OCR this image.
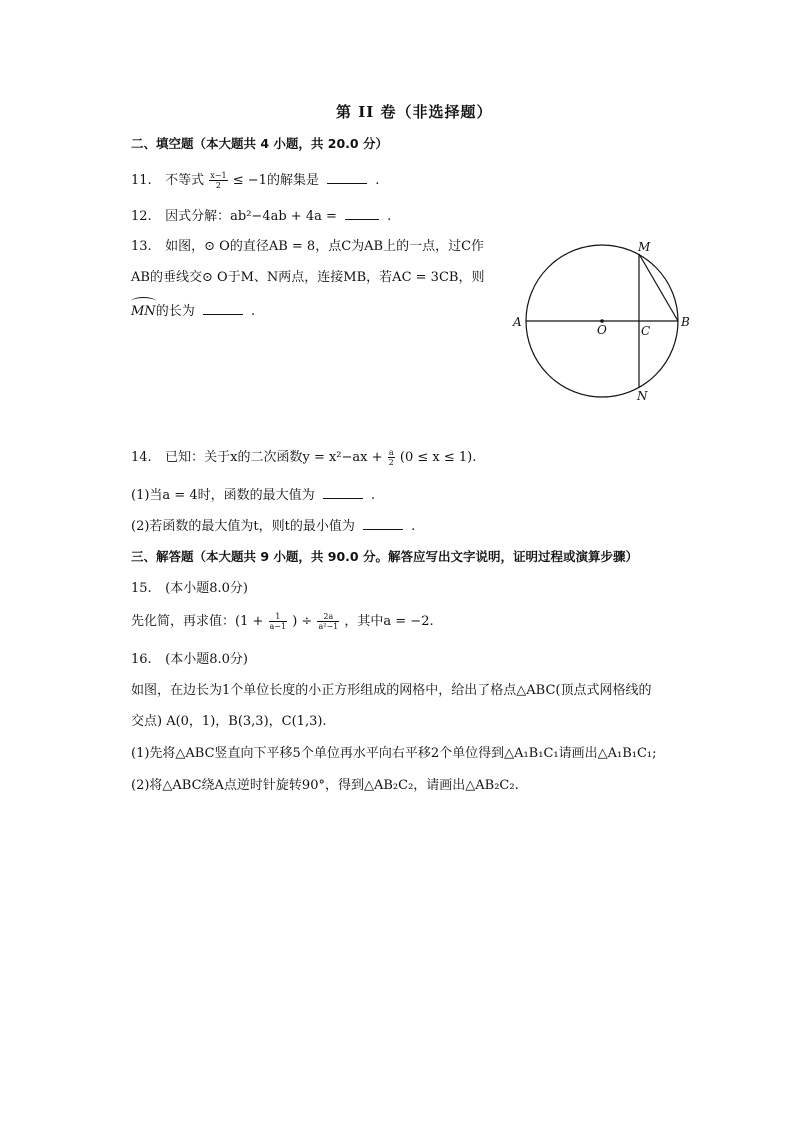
第 II 卷（非选择题）
二、填空题（本大题共 4 小题，共 20.0 分）
11. 不等式 $\frac{x-1}{2} \le -1$的解集是	.
12. 因式分解：ab²−4ab + 4a =	.
13. 如图，⊙ O的直径AB = 8，点C为AB上的一点，过C作
AB的垂线交⊙ O于M、N两点，连接MB，若AC = 3CB，则
MN的长为	.
A
O	C
B
M
N
14. 已知：关于x的二次函数$y = x^2-ax + \frac{a}{2} (0 \le x \le 1)$.
(1)当a = 4时，函数的最大值为	.
(2)若函数的最大值为t，则t的最小值为	.
三、解答题（本大题共 9 小题，共 90.0 分。解答应写出文字说明，证明过程或演算步骤）
15. (本小题8.0分)
先化简，再求值：($1 + \frac{1}{a-1}$ ) ÷ $\frac{2a}{\text{a²−1}}$ ，其中a = −2.
16. (本小题8.0分)
如图，在边长为1个单位长度的小正方形组成的网格中，给出了格点△ABC(顶点式网格线的
交点) A(0，1)，B(3,3)，C(1,3).
(1)先将△ABC竖直向下平移5个单位再水平向右平移2个单位得到△A₁B₁C₁请画出△A₁B₁C₁;
(2)将△ABC绕A点逆时针旋转90°，得到△AB₂C₂，请画出△AB₂C₂.
